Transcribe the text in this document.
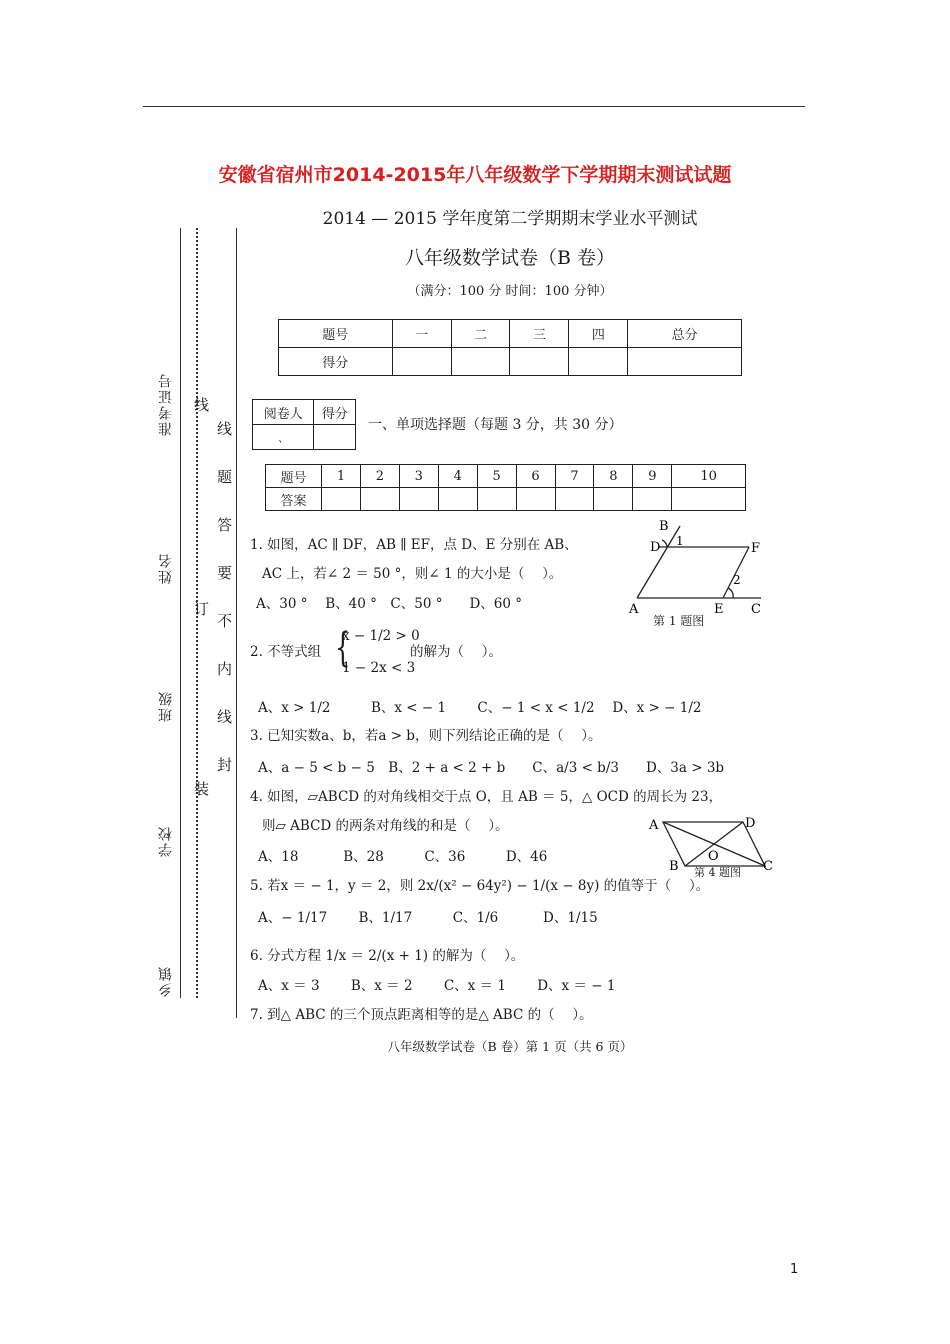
安徽省宿州市2014-2015年八年级数学下学期期末测试试题
准考证号
姓名
班级
学校
乡镇
线
订
装
线
题
答
要
不
内
线
封
2014 — 2015 学年度第二学期期末学业水平测试
八年级数学试卷（B 卷）
（满分：100 分 时间：100 分钟）
题号	一	二	三	四	总分
得分					
阅卷人	得分
、	
一、单项选择题（每题 3 分，共 30 分）
题号	1	2	3	4	5	6	7	8	9	10
答案										
1. 如图，AC ∥ DF，AB ∥ EF，点 D、E 分别在 AB、
AC 上，若∠ 2 ＝ 50 °，则∠ 1 的大小是（　 ）。
A、30 °　 B、40 °　C、50 °　　D、60 °
B
D 1	F
2
A	E C
第 1 题图
2. 不等式组 {
x − 1/2 > 0
1 − 2x < 3
的解为（　 ）。
A、x > 1/2　　　B、x < − 1　　 C、− 1 < x < 1/2　 D、x > − 1/2
3. 已知实数a、b，若a > b，则下列结论正确的是（　 ）。
A、a − 5 < b − 5　B、2 + a < 2 + b　　C、a/3 < b/3　　D、3a > 3b
4. 如图，▱ABCD 的对角线相交于点 O，且 AB ＝ 5，△ OCD 的周长为 23，
则▱ ABCD 的两条对角线的和是（　 ）。
A、18　　　 B、28　　　C、36　　　D、46
A	D
O
B	C
第 4 题图
5. 若x ＝ − 1，y ＝ 2，则 2x/(x² − 64y²) − 1/(x − 8y) 的值等于（　 ）。
A、− 1/17　　 B、1/17　　　C、1/6　　　 D、1/15
6. 分式方程 1/x ＝ 2/(x + 1) 的解为（　 ）。
A、x ＝ 3　　 B、x ＝ 2　　 C、x ＝ 1　　 D、x ＝ − 1
7. 到△ ABC 的三个顶点距离相等的是△ ABC 的（　 ）。
八年级数学试卷（B 卷）第 1 页（共 6 页）
1
